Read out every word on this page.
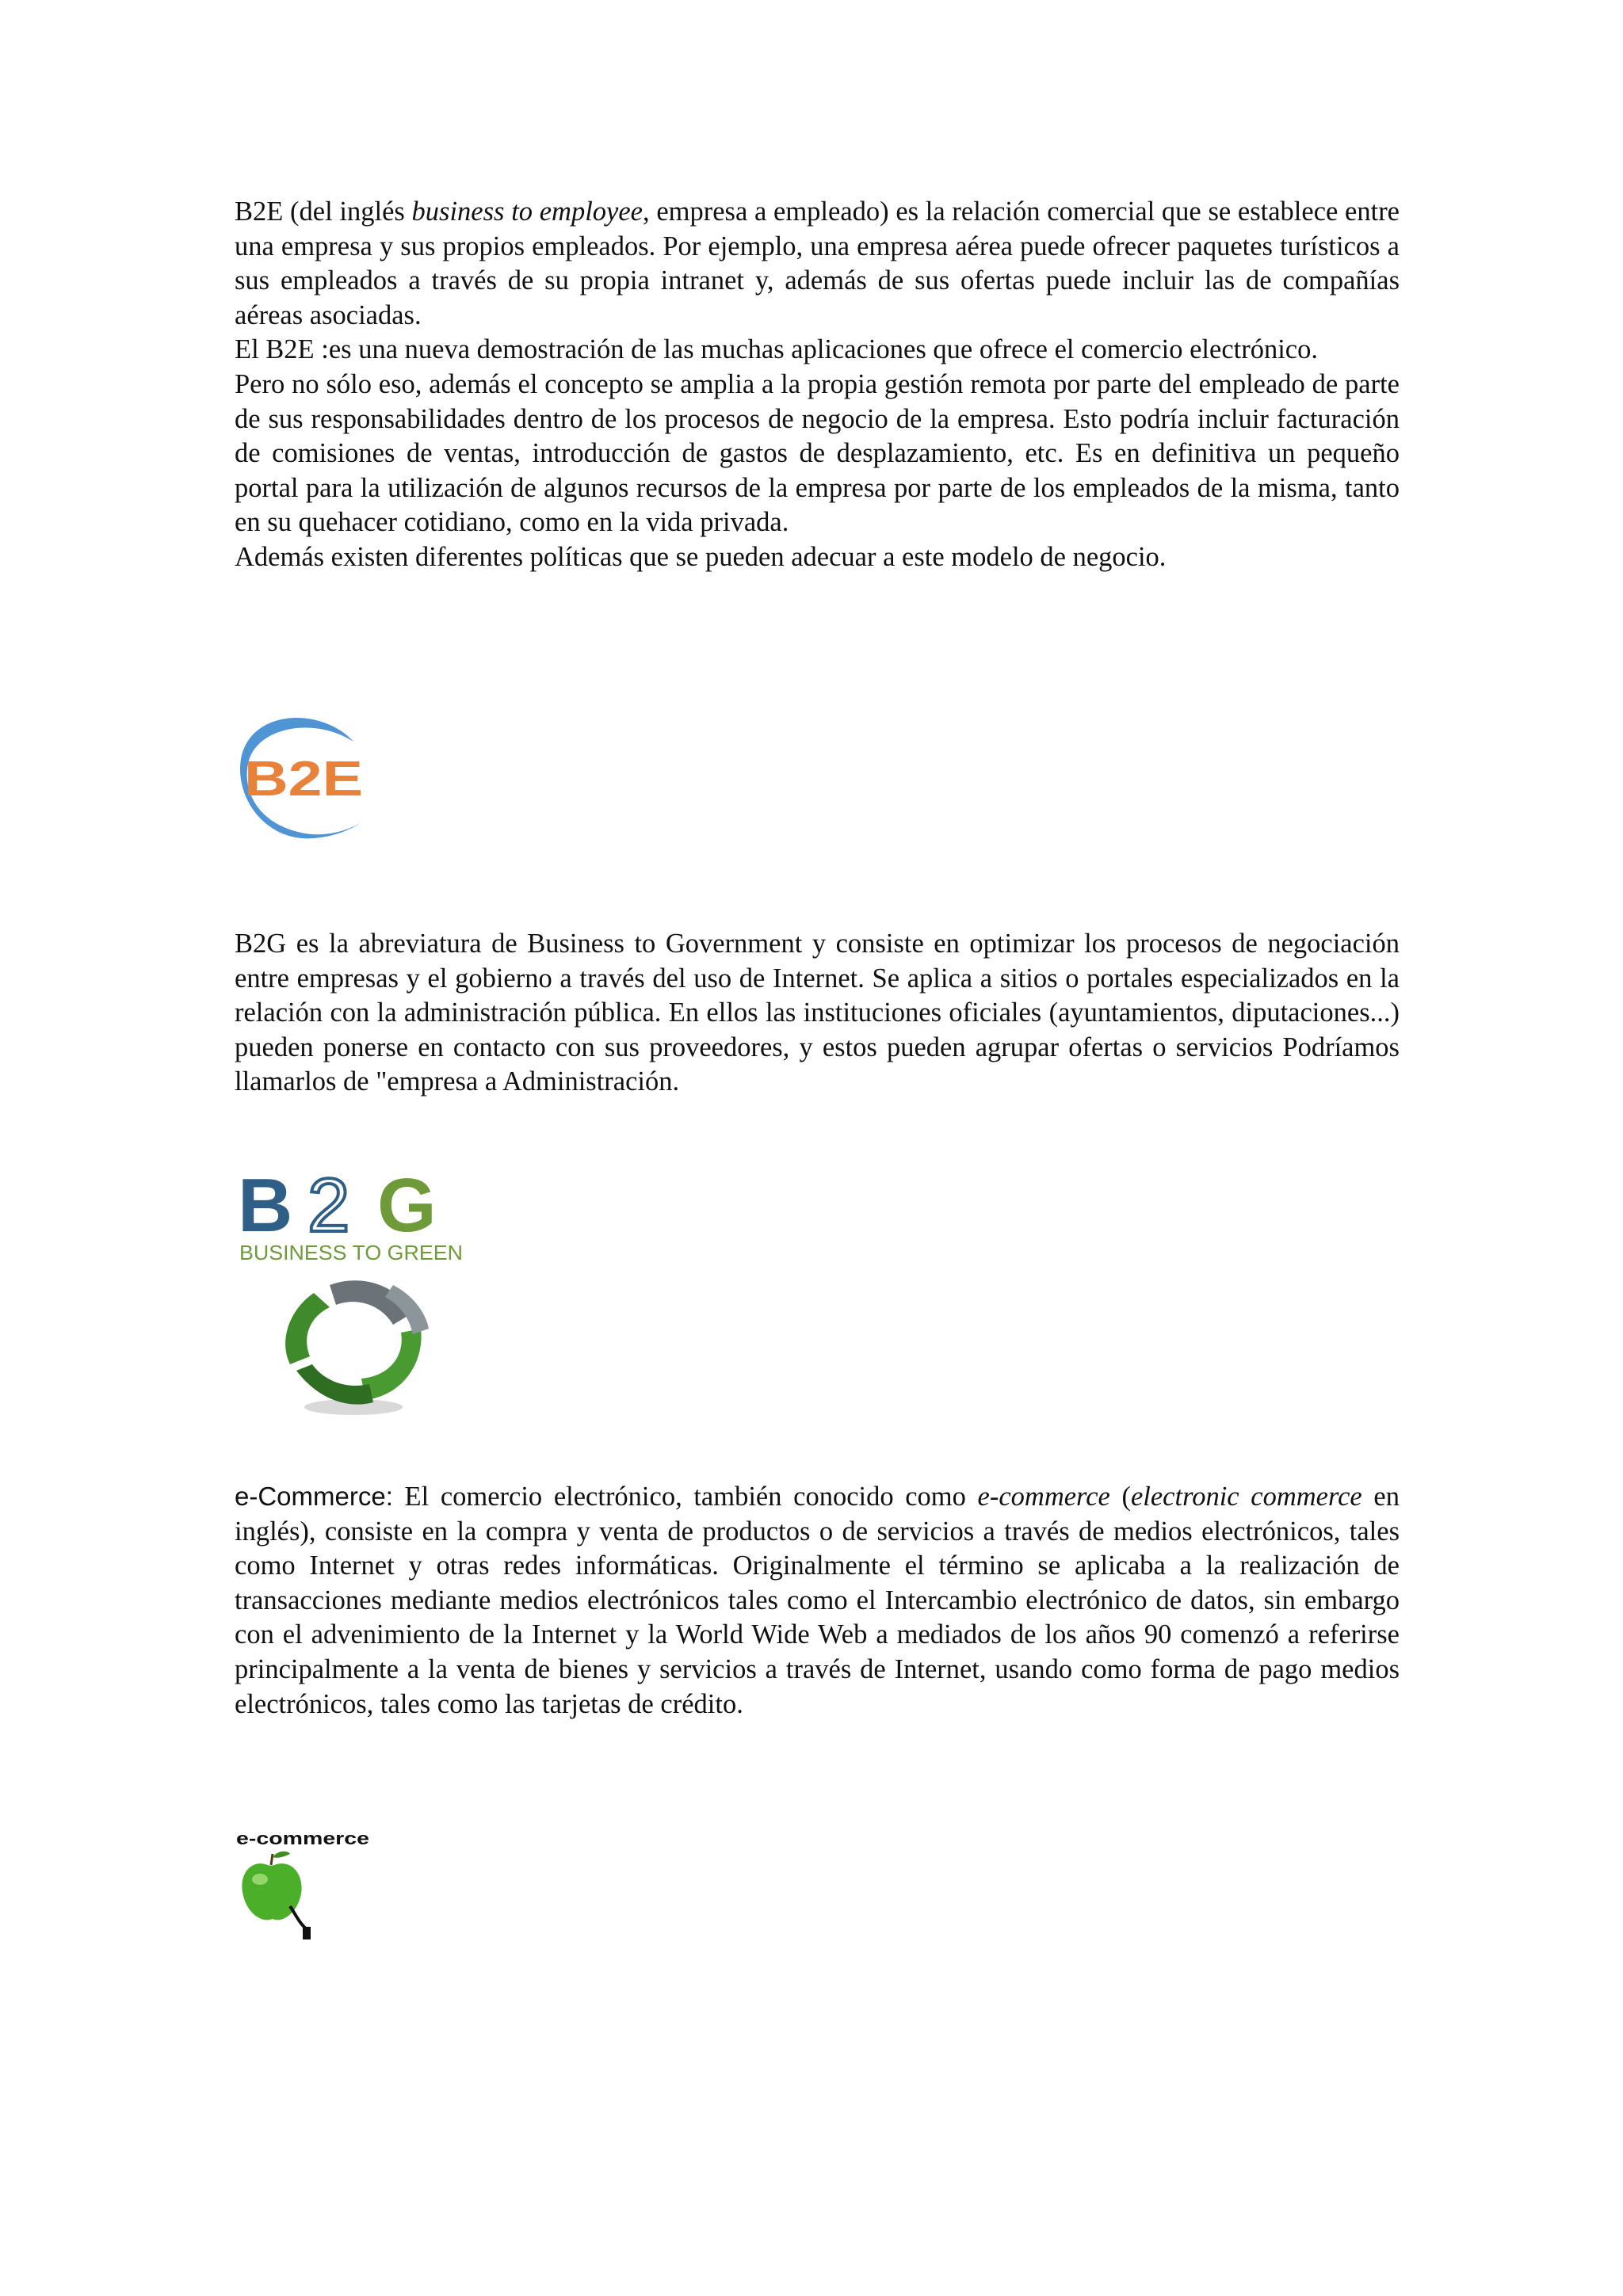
B2E (del inglés business to employee, empresa a empleado) es la relación comercial que se establece entre una empresa y sus propios empleados. Por ejemplo, una empresa aérea puede ofrecer paquetes turísticos a sus empleados a través de su propia intranet y, además de sus ofertas puede incluir las de compañías aéreas asociadas.

El B2E :es una nueva demostración de las muchas aplicaciones que ofrece el comercio electrónico.

Pero no sólo eso, además el concepto se amplia a la propia gestión remota por parte del empleado de parte de sus responsabilidades dentro de los procesos de negocio de la empresa. Esto podría incluir facturación de comisiones de ventas, introducción de gastos de desplazamiento, etc. Es en definitiva un pequeño portal para la utilización de algunos recursos de la empresa por parte de los empleados de la misma, tanto en su quehacer cotidiano, como en la vida privada.

Además existen diferentes políticas que se pueden adecuar a este modelo de negocio.

B2E

B2G es la abreviatura de Business to Government y consiste en optimizar los procesos de negociación entre empresas y el gobierno a través del uso de Internet. Se aplica a sitios o portales especializados en la relación con la administración pública. En ellos las instituciones oficiales (ayuntamientos, diputaciones...) pueden ponerse en contacto con sus proveedores, y estos pueden agrupar ofertas o servicios Podríamos llamarlos de "empresa a Administración.

B 2 G
BUSINESS TO GREEN

e-Commerce: El comercio electrónico, también conocido como e-commerce (electronic commerce en inglés), consiste en la compra y venta de productos o de servicios a través de medios electrónicos, tales como Internet y otras redes informáticas. Originalmente el término se aplicaba a la realización de transacciones mediante medios electrónicos tales como el Intercambio electrónico de datos, sin embargo con el advenimiento de la Internet y la World Wide Web a mediados de los años 90 comenzó a referirse principalmente a la venta de bienes y servicios a través de Internet, usando como forma de pago medios electrónicos, tales como las tarjetas de crédito.

e-commerce
